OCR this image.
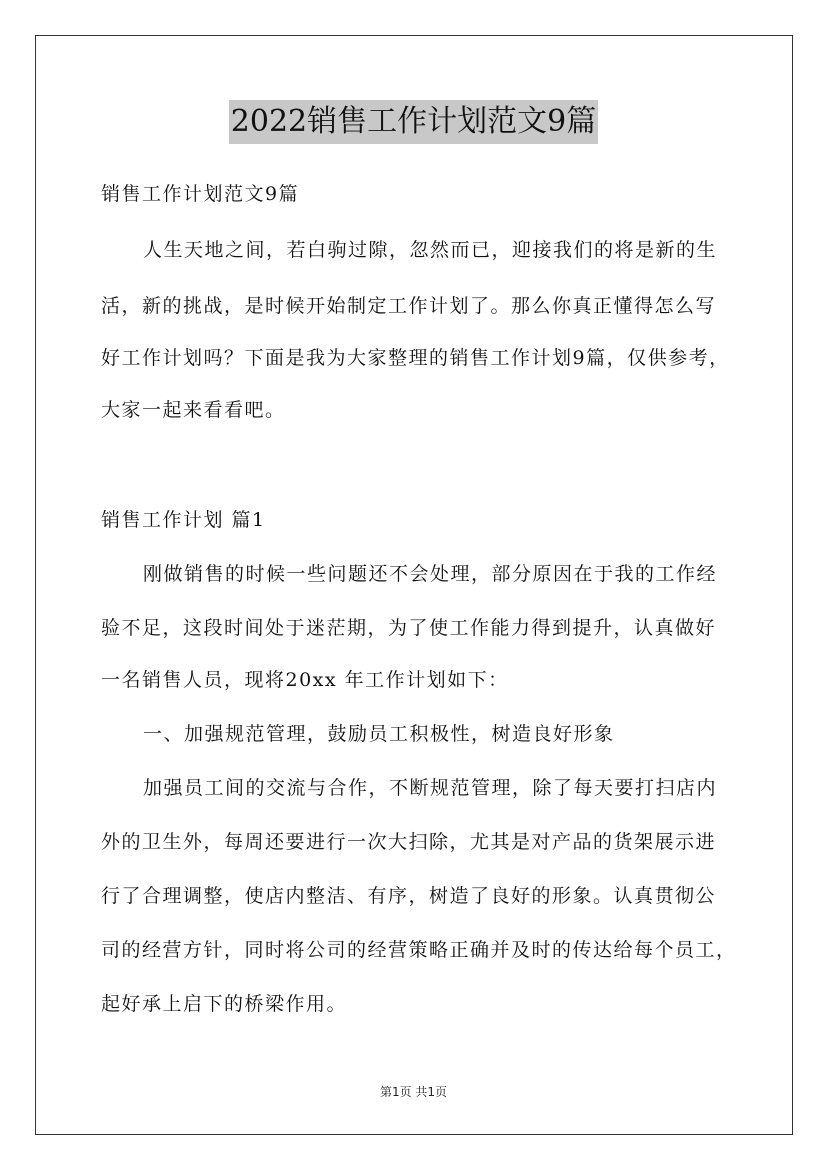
2022销售工作计划范文9篇
销售工作计划范文9篇
人生天地之间，若白驹过隙，忽然而已，迎接我们的将是新的生
活，新的挑战，是时候开始制定工作计划了。那么你真正懂得怎么写
好工作计划吗？下面是我为大家整理的销售工作计划9篇，仅供参考，
大家一起来看看吧。
销售工作计划 篇1
刚做销售的时候一些问题还不会处理，部分原因在于我的工作经
验不足，这段时间处于迷茫期，为了使工作能力得到提升，认真做好
一名销售人员，现将20xx 年工作计划如下：
一、加强规范管理，鼓励员工积极性，树造良好形象
加强员工间的交流与合作，不断规范管理，除了每天要打扫店内
外的卫生外，每周还要进行一次大扫除，尤其是对产品的货架展示进
行了合理调整，使店内整洁、有序，树造了良好的形象。认真贯彻公
司的经营方针，同时将公司的经营策略正确并及时的传达给每个员工，
起好承上启下的桥梁作用。
第1页 共1页
